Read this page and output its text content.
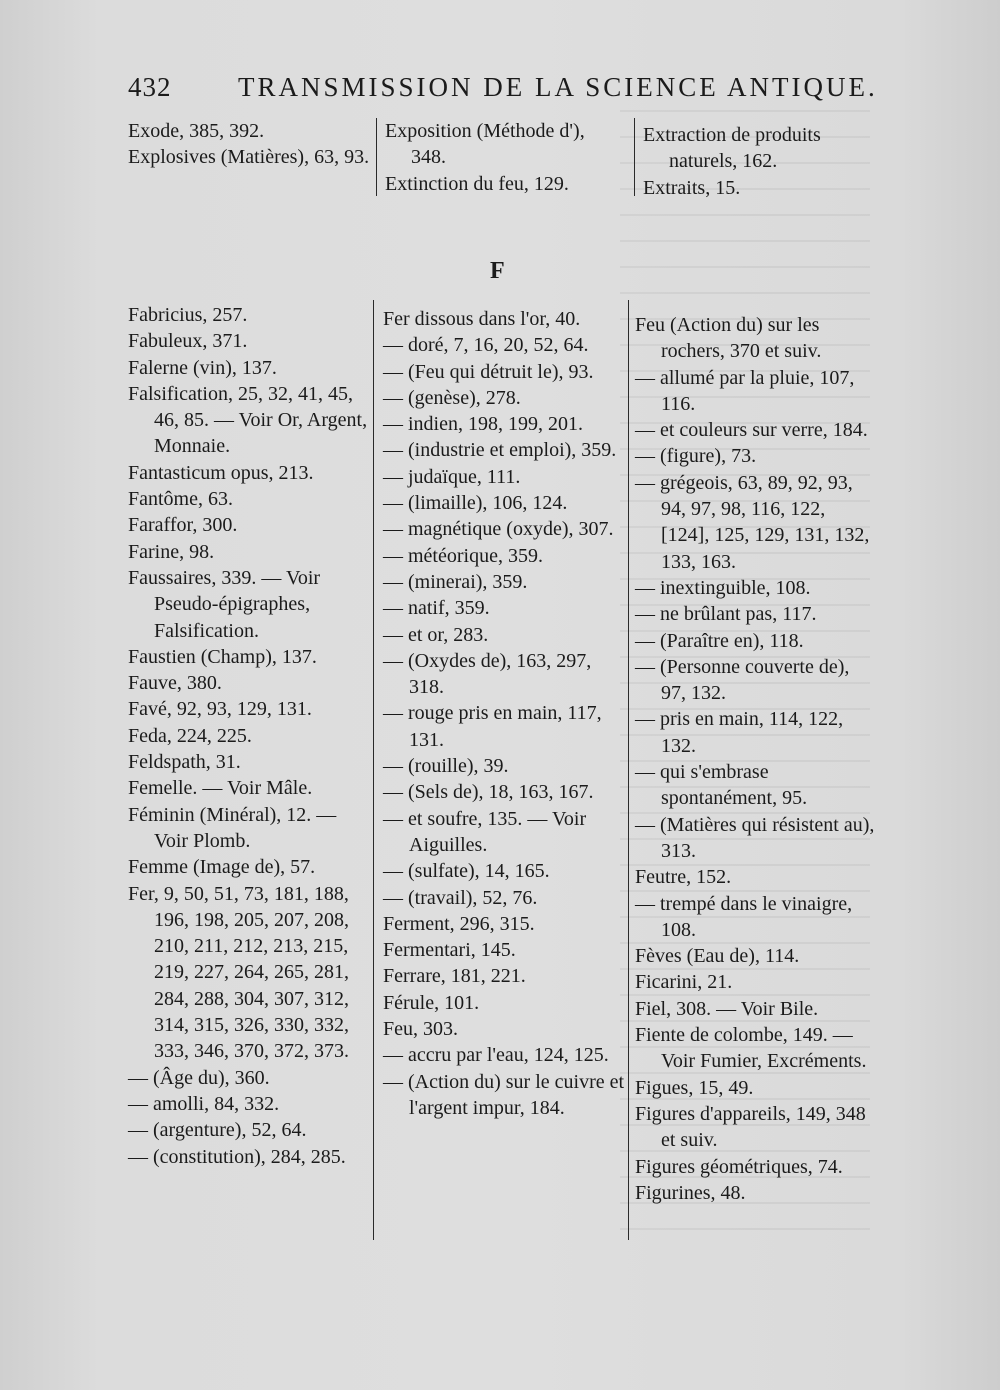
432 TRANSMISSION DE LA SCIENCE ANTIQUE.

Exode, 385, 392.

Explosives (Matières), 63, 93.

Exposition (Méthode d'), 348.

Extinction du feu, 129.

Extraction de produits naturels, 162.

Extraits, 15.

F

Fabricius, 257.

Fabuleux, 371.

Falerne (vin), 137.

Falsification, 25, 32, 41, 45, 46, 85. — Voir Or, Argent, Monnaie.

Fantasticum opus, 213.

Fantôme, 63.

Faraffor, 300.

Farine, 98.

Faussaires, 339. — Voir Pseudo-épigraphes, Falsification.

Faustien (Champ), 137.

Fauve, 380.

Favé, 92, 93, 129, 131.

Feda, 224, 225.

Feldspath, 31.

Femelle. — Voir Mâle.

Féminin (Minéral), 12. — Voir Plomb.

Femme (Image de), 57.

Fer, 9, 50, 51, 73, 181, 188, 196, 198, 205, 207, 208, 210, 211, 212, 213, 215, 219, 227, 264, 265, 281, 284, 288, 304, 307, 312, 314, 315, 326, 330, 332, 333, 346, 370, 372, 373.

— (Âge du), 360.

— amolli, 84, 332.

— (argenture), 52, 64.

— (constitution), 284, 285.

Fer dissous dans l'or, 40.

— doré, 7, 16, 20, 52, 64.

— (Feu qui détruit le), 93.

— (genèse), 278.

— indien, 198, 199, 201.

— (industrie et emploi), 359.

— judaïque, 111.

— (limaille), 106, 124.

— magnétique (oxyde), 307.

— météorique, 359.

— (minerai), 359.

— natif, 359.

— et or, 283.

— (Oxydes de), 163, 297, 318.

— rouge pris en main, 117, 131.

— (rouille), 39.

— (Sels de), 18, 163, 167.

— et soufre, 135. — Voir Aiguilles.

— (sulfate), 14, 165.

— (travail), 52, 76.

Ferment, 296, 315.

Fermentari, 145.

Ferrare, 181, 221.

Férule, 101.

Feu, 303.

— accru par l'eau, 124, 125.

— (Action du) sur le cuivre et l'argent impur, 184.

Feu (Action du) sur les rochers, 370 et suiv.

— allumé par la pluie, 107, 116.

— et couleurs sur verre, 184.

— (figure), 73.

— grégeois, 63, 89, 92, 93, 94, 97, 98, 116, 122, [124], 125, 129, 131, 132, 133, 163.

— inextinguible, 108.

— ne brûlant pas, 117.

— (Paraître en), 118.

— (Personne couverte de), 97, 132.

— pris en main, 114, 122, 132.

— qui s'embrase spontanément, 95.

— (Matières qui résistent au), 313.

Feutre, 152.

— trempé dans le vinaigre, 108.

Fèves (Eau de), 114.

Ficarini, 21.

Fiel, 308. — Voir Bile.

Fiente de colombe, 149. — Voir Fumier, Excréments.

Figues, 15, 49.

Figures d'appareils, 149, 348 et suiv.

Figures géométriques, 74.

Figurines, 48.
